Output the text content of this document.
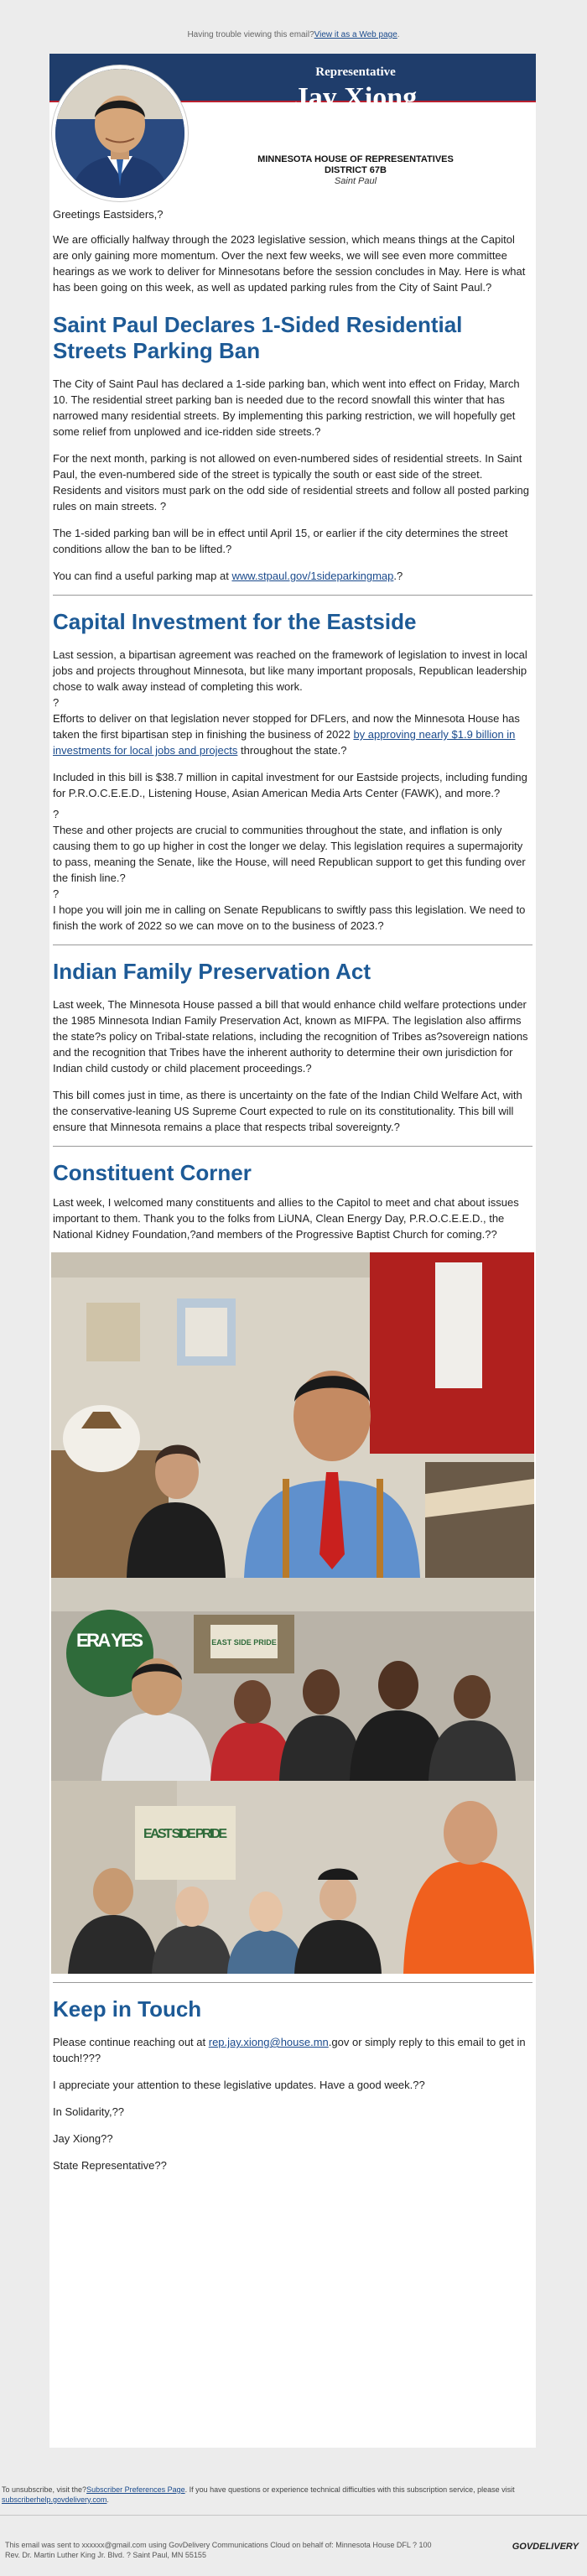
Having trouble viewing this email?View it as a Web page.
Representative
Jay Xiong
MINNESOTA HOUSE OF REPRESENTATIVES
DISTRICT 67B
Saint Paul

Greetings Eastsiders,?

We are officially halfway through the 2023 legislative session, which means things at the Capitol are only gaining more momentum. Over the next few weeks, we will see even more committee hearings as we work to deliver for Minnesotans before the session concludes in May. Here is what has been going on this week, as well as updated parking rules from the City of Saint Paul.?

Saint Paul Declares 1-Sided Residential Streets Parking Ban

The City of Saint Paul has declared a 1-side parking ban, which went into effect on Friday, March 10. The residential street parking ban is needed due to the record snowfall this winter that has narrowed many residential streets. By implementing this parking restriction, we will hopefully get some relief from unplowed and ice-ridden side streets.?

For the next month, parking is not allowed on even-numbered sides of residential streets. In Saint Paul, the even-numbered side of the street is typically the south or east side of the street. Residents and visitors must park on the odd side of residential streets and follow all posted parking rules on main streets. ?

The 1-sided parking ban will be in effect until April 15, or earlier if the city determines the street conditions allow the ban to be lifted.?

You can find a useful parking map at www.stpaul.gov/1sideparkingmap.?

Capital Investment for the Eastside

Last session, a bipartisan agreement was reached on the framework of legislation to invest in local jobs and projects throughout Minnesota, but like many important proposals, Republican leadership chose to walk away instead of completing this work.

?

Efforts to deliver on that legislation never stopped for DFLers, and now the Minnesota House has taken the first bipartisan step in finishing the business of 2022 by approving nearly $1.9 billion in investments for local jobs and projects throughout the state.?

Included in this bill is $38.7 million in capital investment for our Eastside projects, including funding for P.R.O.C.E.E.D., Listening House, Asian American Media Arts Center (FAWK), and more.?

?

These and other projects are crucial to communities throughout the state, and inflation is only causing them to go up higher in cost the longer we delay. This legislation requires a supermajority to pass, meaning the Senate, like the House, will need Republican support to get this funding over the finish line.?

?

I hope you will join me in calling on Senate Republicans to swiftly pass this legislation. We need to finish the work of 2022 so we can move on to the business of 2023.?

Indian Family Preservation Act

Last week, The Minnesota House passed a bill that would enhance child welfare protections under the 1985 Minnesota Indian Family Preservation Act, known as MIFPA. The legislation also affirms the state?s policy on Tribal-state relations, including the recognition of Tribes as?sovereign nations and the recognition that Tribes have the inherent authority to determine their own jurisdiction for Indian child custody or child placement proceedings.?

This bill comes just in time, as there is uncertainty on the fate of the Indian Child Welfare Act, with the conservative-leaning US Supreme Court expected to rule on its constitutionality. This bill will ensure that Minnesota remains a place that respects tribal sovereignty.?

Constituent Corner

Last week, I welcomed many constituents and allies to the Capitol to meet and chat about issues important to them. Thank you to the folks from LiUNA, Clean Energy Day, P.R.O.C.E.E.D., the National Kidney Foundation,?and members of the Progressive Baptist Church for coming.??

ERA YES	EAST SIDE PRIDE
EAST SIDE PRIDE
Keep in Touch

Please continue reaching out at rep.jay.xiong@house.mn.gov or simply reply to this email to get in touch!???

I appreciate your attention to these legislative updates. Have a good week.??

In Solidarity,??

Jay Xiong??

State Representative??

To unsubscribe, visit the?Subscriber Preferences Page. If you have questions or experience technical difficulties with this subscription service, please visit subscriberhelp.govdelivery.com.
This email was sent to xxxxxx@gmail.com using GovDelivery Communications Cloud on behalf of: Minnesota House DFL ? 100
Rev. Dr. Martin Luther King Jr. Blvd. ? Saint Paul, MN 55155
GOVDELIVERY
